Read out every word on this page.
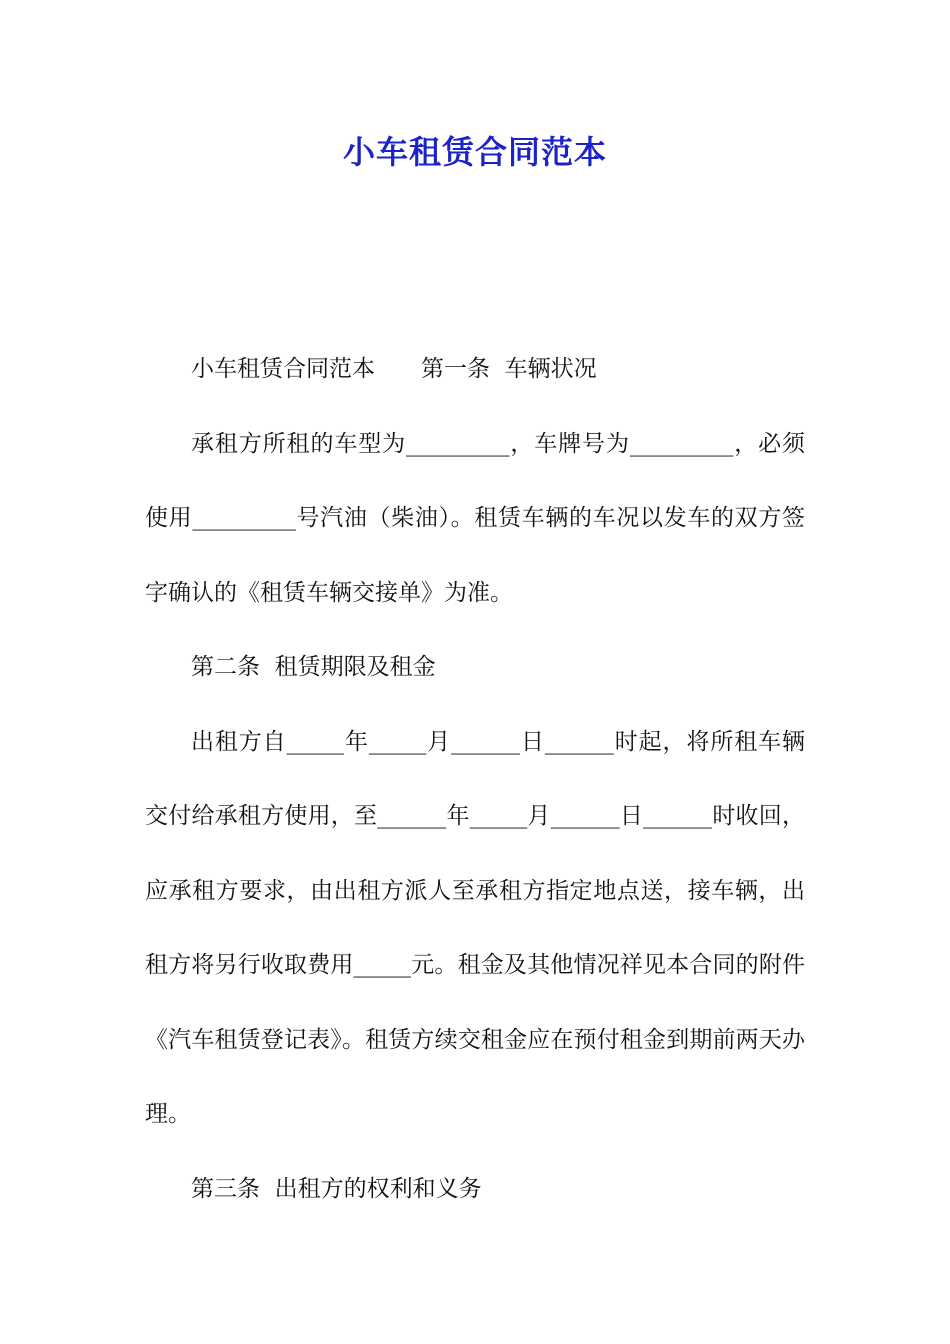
小车租赁合同范本

小车租赁合同范本 第一条  车辆状况

承租方所租的车型为_________，车牌号为_________，必须使用_________号汽油（柴油）。租赁车辆的车况以发车的双方签字确认的《租赁车辆交接单》为准。

第二条  租赁期限及租金

出租方自_____年_____月______日______时起，将所租车辆交付给承租方使用，至______年_____月______日______时收回，应承租方要求，由出租方派人至承租方指定地点送，接车辆，出租方将另行收取费用_____元。租金及其他情况祥见本合同的附件《汽车租赁登记表》。租赁方续交租金应在预付租金到期前两天办理。

第三条  出租方的权利和义务
